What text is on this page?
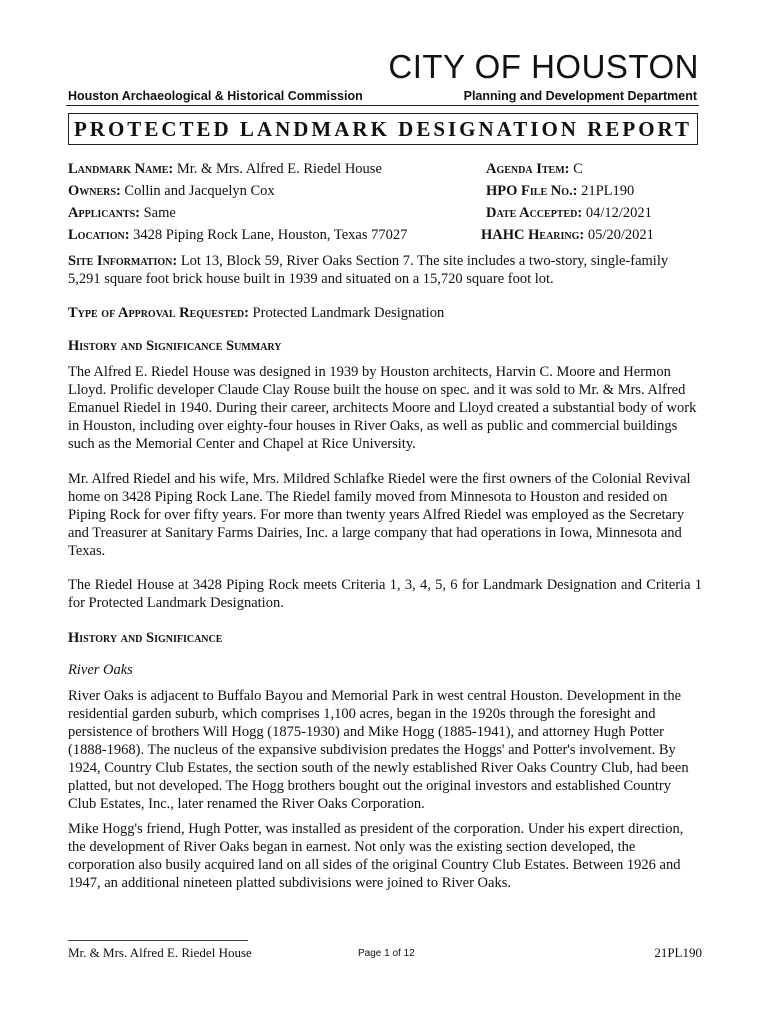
CITY OF HOUSTON
Houston Archaeological & Historical Commission	Planning and Development Department
PROTECTED LANDMARK DESIGNATION REPORT
Landmark Name: Mr. & Mrs. Alfred E. Riedel House
Owners: Collin and Jacquelyn Cox
Applicants: Same
Location: 3428 Piping Rock Lane, Houston, Texas 77027
Agenda Item: C
HPO File No.: 21PL190
Date Accepted: 04/12/2021
HAHC Hearing: 05/20/2021
Site Information: Lot 13, Block 59, River Oaks Section 7. The site includes a two-story, single-family 5,291 square foot brick house built in 1939 and situated on a 15,720 square foot lot.
Type of Approval Requested: Protected Landmark Designation
History and Significance Summary

The Alfred E. Riedel House was designed in 1939 by Houston architects, Harvin C. Moore and Hermon Lloyd. Prolific developer Claude Clay Rouse built the house on spec. and it was sold to Mr. & Mrs. Alfred Emanuel Riedel in 1940. During their career, architects Moore and Lloyd created a substantial body of work in Houston, including over eighty-four houses in River Oaks, as well as public and commercial buildings such as the Memorial Center and Chapel at Rice University.

Mr. Alfred Riedel and his wife, Mrs. Mildred Schlafke Riedel were the first owners of the Colonial Revival home on 3428 Piping Rock Lane. The Riedel family moved from Minnesota to Houston and resided on Piping Rock for over fifty years. For more than twenty years Alfred Riedel was employed as the Secretary and Treasurer at Sanitary Farms Dairies, Inc. a large company that had operations in Iowa, Minnesota and Texas.

The Riedel House at 3428 Piping Rock meets Criteria 1, 3, 4, 5, 6 for Landmark Designation and Criteria 1 for Protected Landmark Designation.

History and Significance
River Oaks

River Oaks is adjacent to Buffalo Bayou and Memorial Park in west central Houston. Development in the residential garden suburb, which comprises 1,100 acres, began in the 1920s through the foresight and persistence of brothers Will Hogg (1875-1930) and Mike Hogg (1885-1941), and attorney Hugh Potter (1888-1968). The nucleus of the expansive subdivision predates the Hoggs' and Potter's involvement. By 1924, Country Club Estates, the section south of the newly established River Oaks Country Club, had been platted, but not developed. The Hogg brothers bought out the original investors and established Country Club Estates, Inc., later renamed the River Oaks Corporation.

Mike Hogg's friend, Hugh Potter, was installed as president of the corporation. Under his expert direction, the development of River Oaks began in earnest. Not only was the existing section developed, the corporation also busily acquired land on all sides of the original Country Club Estates. Between 1926 and 1947, an additional nineteen platted subdivisions were joined to River Oaks.

Mr. & Mrs. Alfred E. Riedel House	Page 1 of 12	21PL190
